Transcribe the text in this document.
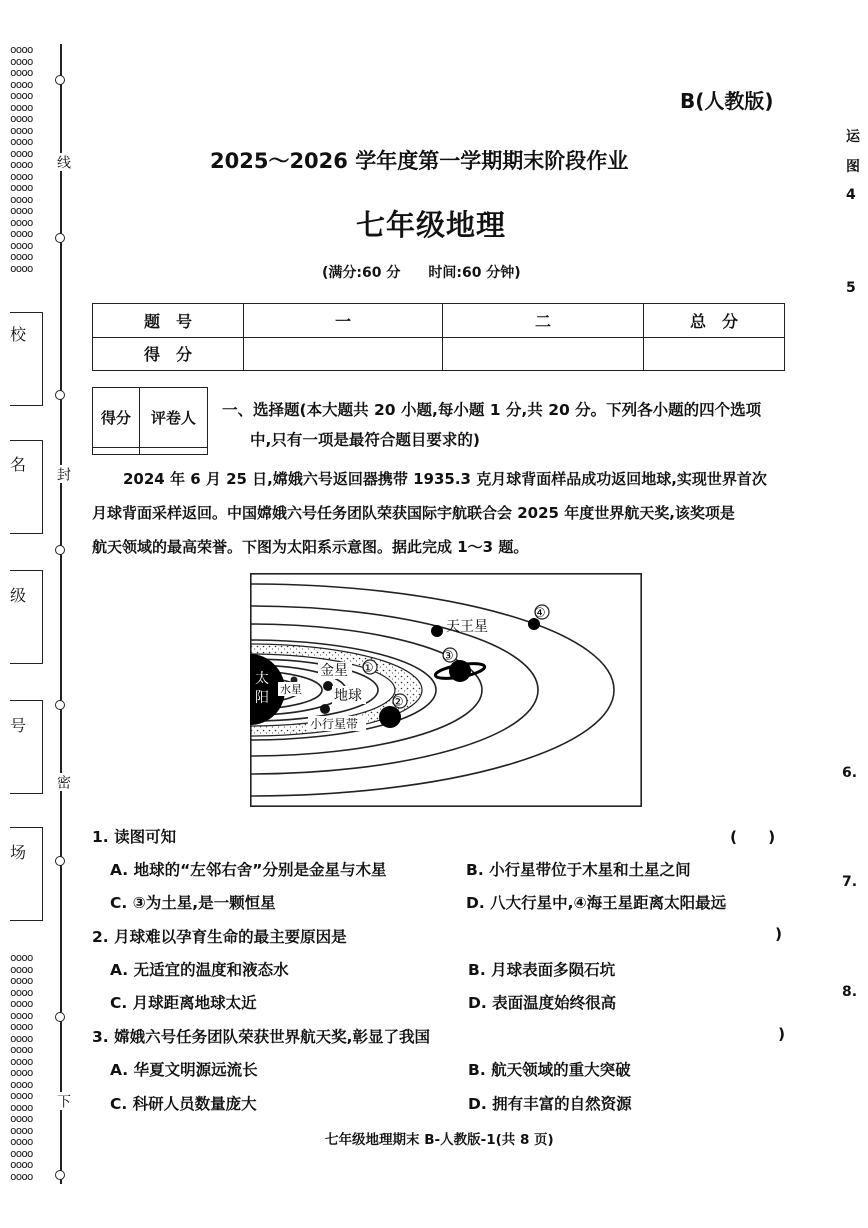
oooo
oooo
oooo
oooo
oooo
oooo
oooo
oooo
oooo
oooo
oooo
oooo
oooo
oooo
oooo
oooo
oooo
oooo
oooo
oooo
oooo
oooo
oooo
oooo
oooo
oooo
oooo
oooo
oooo
oooo
oooo
oooo
oooo
oooo
oooo
oooo
oooo
oooo
oooo
oooo
线
封
密
下
校
名
级
号
场
B(人教版)
2025～2026 学年度第一学期期末阶段作业
七年级地理
(满分:60 分　　时间:60 分钟)
题　号	一	二	总　分
得　分			
得分	评卷人
	一、选择题(本大题共 20 小题,每小题 1 分,共 20 分。下列各小题的四个选项
中,只有一项是最符合题目要求的)
2024 年 6 月 25 日,嫦娥六号返回器携带 1935.3 克月球背面样品成功返回地球,实现世界首次
月球背面采样返回。中国嫦娥六号任务团队荣获国际宇航联合会 2025 年度世界航天奖,该奖项是
航天领域的最高荣誉。下图为太阳系示意图。据此完成 1～3 题。
太
阳
水星
金星
地球
①
小行星带
②
③
天王星
④
1. 读图可知	(　　)
A. 地球的“左邻右舍”分别是金星与木星	B. 小行星带位于木星和土星之间
C. ③为土星,是一颗恒星	D. 八大行星中,④海王星距离太阳最远
2. 月球难以孕育生命的最主要原因是	)
A. 无适宜的温度和液态水	B. 月球表面多陨石坑
C. 月球距离地球太近	D. 表面温度始终很高
3. 嫦娥六号任务团队荣获世界航天奖,彰显了我国	)
A. 华夏文明源远流长	B. 航天领域的重大突破
C. 科研人员数量庞大	D. 拥有丰富的自然资源
七年级地理期末 B-人教版-1(共 8 页)
运
图
4
5
6.
7.
8.
